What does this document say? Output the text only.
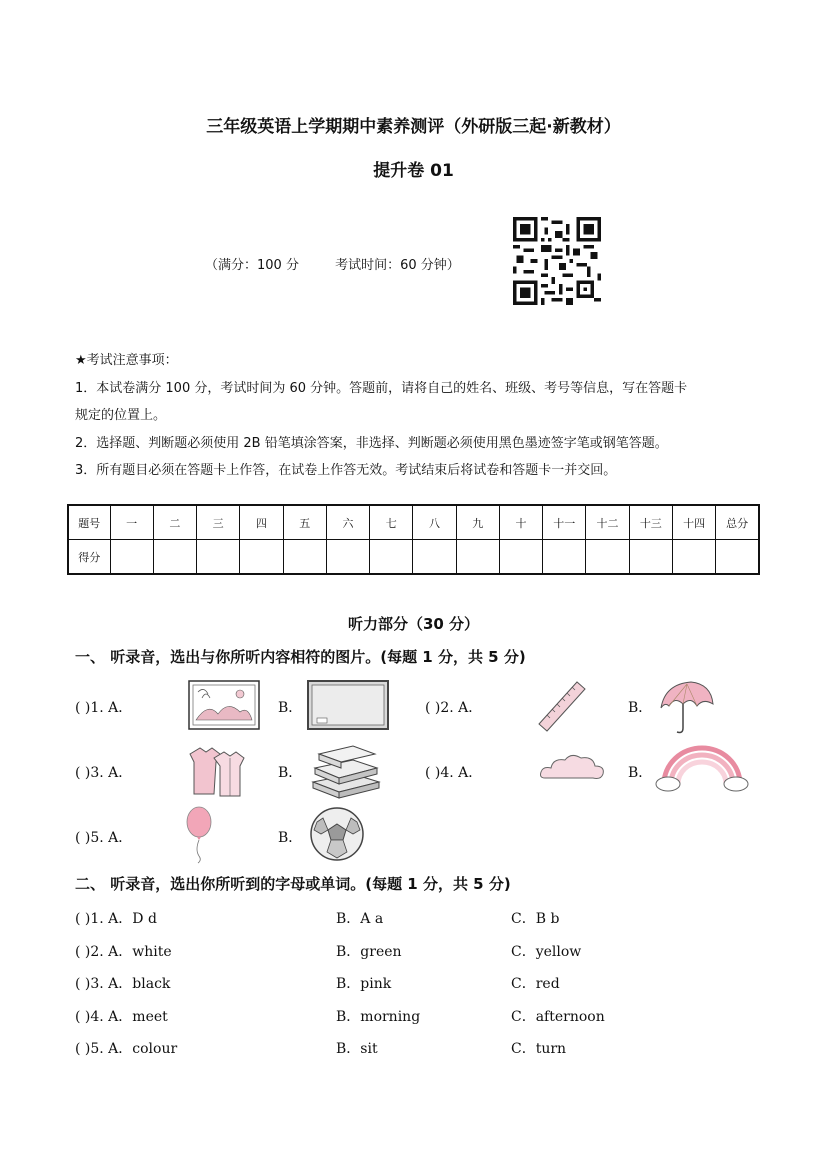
三年级英语上学期期中素养测评（外研版三起·新教材）
提升卷 01
（满分：100 分	考试时间：60 分钟）
★考试注意事项：
1．本试卷满分 100 分，考试时间为 60 分钟。答题前，请将自己的姓名、班级、考号等信息，写在答题卡
规定的位置上。
2．选择题、判断题必须使用 2B 铅笔填涂答案，非选择、判断题必须使用黑色墨迹签字笔或钢笔答题。
3．所有题目必须在答题卡上作答，在试卷上作答无效。考试结束后将试卷和答题卡一并交回。
题号	一	二	三	四	五	六	七	八	九	十	十一	十二	十三	十四	总分
得分															
听力部分（30 分）
一、 听录音，选出与你所听内容相符的图片。(每题 1 分，共 5 分)
( )1. A．	B．	( )2. A．	B．
( )3. A．	B．	( )4. A．	B．
( )5. A．	B．
二、 听录音，选出你所听到的字母或单词。(每题 1 分，共 5 分)
( )1. A．D d	B．A a	C．B b
( )2. A．white	B．green	C．yellow
( )3. A．black	B．pink	C．red
( )4. A．meet	B．morning	C．afternoon
( )5. A．colour	B．sit	C．turn
